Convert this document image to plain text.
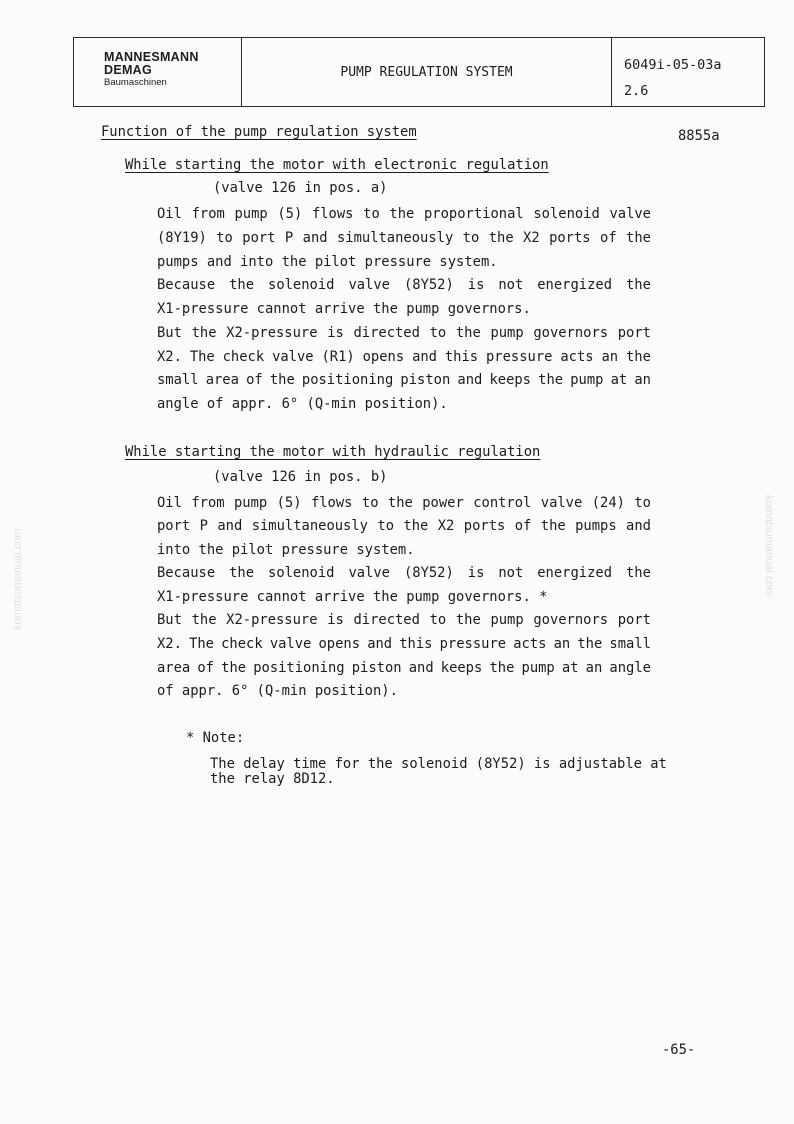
MANNESMANN
DEMAG
Baumaschinen
PUMP REGULATION SYSTEM	6049i-05-03a
2.6
Function of the pump regulation system	8855a
While starting the motor with electronic regulation
(valve 126 in pos. a)
Oil from pump (5) flows to the proportional solenoid valve
(8Y19) to port P and simultaneously to the X2 ports of the
pumps and into the pilot pressure system.
Because the solenoid valve (8Y52) is not energized the
X1-pressure cannot arrive the pump governors.
But the X2-pressure is directed to the pump governors port
X2. The check valve (R1) opens and this pressure acts an the
small area of the positioning piston and keeps the pump at an
angle of appr. 6° (Q-min position).
While starting the motor with hydraulic regulation
(valve 126 in pos. b)
Oil from pump (5) flows to the power control valve (24) to
port P and simultaneously to the X2 ports of the pumps and
into the pilot pressure system.
Because the solenoid valve (8Y52) is not energized the
X1-pressure cannot arrive the pump governors. *
But the X2-pressure is directed to the pump governors port
X2. The check valve opens and this pressure acts an the small
area of the positioning piston and keeps the pump at an angle
of appr. 6° (Q-min position).
* Note:
The delay time for the solenoid (8Y52) is adjustable at
the relay 8D12.
-65-
komatsumanual.com	komatsumanual.com
